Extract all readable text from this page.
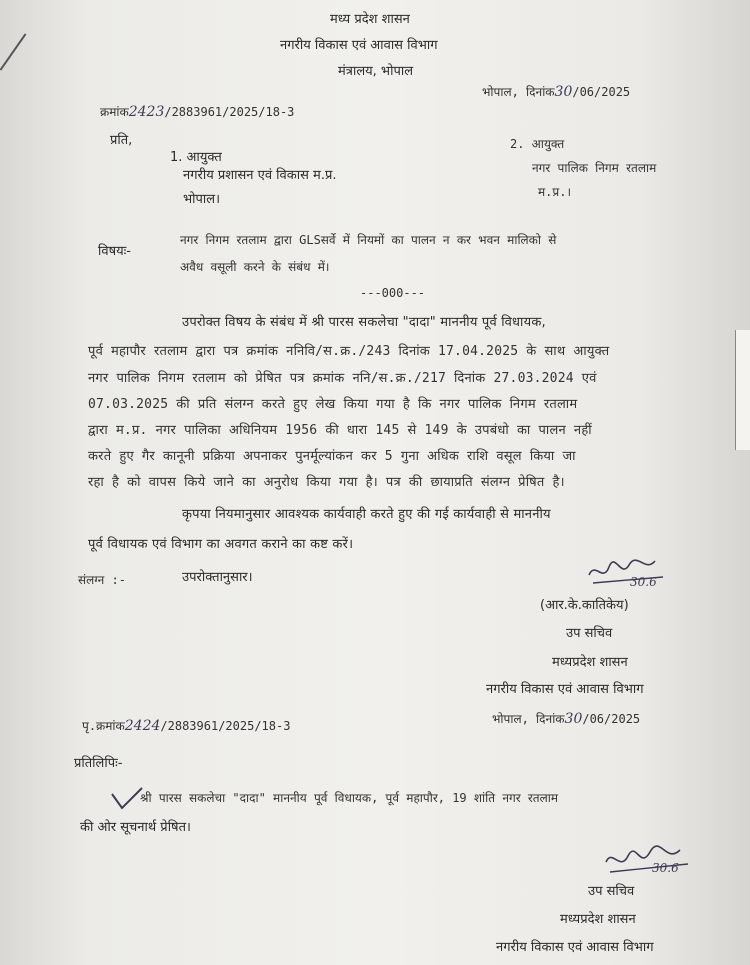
मध्य प्रदेश शासन
नगरीय विकास एवं आवास विभाग
मंत्रालय, भोपाल
क्रमांक2423/2883961/2025/18-3
भोपाल, दिनांक30/06/2025
प्रति,
1. आयुक्त
नगरीय प्रशासन एवं विकास म.प्र.
भोपाल।
2. आयुक्त
नगर पालिक निगम रतलाम
म.प्र.।
विषयः-
नगर निगम रतलाम द्वारा GLSसर्वे में नियमों का पालन न कर भवन मालिको से
अवैध वसूली करने के संबंध में।
---000---
उपरोक्त विषय के संबंध में श्री पारस सकलेचा "दादा" माननीय पूर्व विधायक,
पूर्व महापौर रतलाम द्वारा पत्र क्रमांक ननिवि/स.क्र./243 दिनांक 17.04.2025 के साथ आयुक्त
नगर पालिक निगम रतलाम को प्रेषित पत्र क्रमांक ननि/स.क्र./217 दिनांक 27.03.2024 एवं
07.03.2025 की प्रति संलग्न करते हुए लेख किया गया है कि नगर पालिक निगम रतलाम
द्वारा म.प्र. नगर पालिका अधिनियम 1956 की धारा 145 से 149 के उपबंधो का पालन नहीं
करते हुए गैर कानूनी प्रक्रिया अपनाकर पुनर्मूल्यांकन कर 5 गुना अधिक राशि वसूल किया जा
रहा है को वापस किये जाने का अनुरोध किया गया है। पत्र की छायाप्रति संलग्न प्रेषित है।
कृपया नियमानुसार आवश्यक कार्यवाही करते हुए की गई कार्यवाही से माननीय
पूर्व विधायक एवं विभाग का अवगत कराने का कष्ट करें।
संलग्न :-	उपरोक्तानुसार।	30.6
(आर.के.कातिकेय)
उप सचिव
मध्यप्रदेश शासन
नगरीय विकास एवं आवास विभाग
भोपाल, दिनांक30/06/2025
पृ.क्रमांक2424/2883961/2025/18-3
प्रतिलिपिः-
श्री पारस सकलेचा "दादा" माननीय पूर्व विधायक, पूर्व महापौर, 19 शांति नगर रतलाम
की ओर सूचनार्थ प्रेषित।
30.6
उप सचिव
मध्यप्रदेश शासन
नगरीय विकास एवं आवास विभाग
